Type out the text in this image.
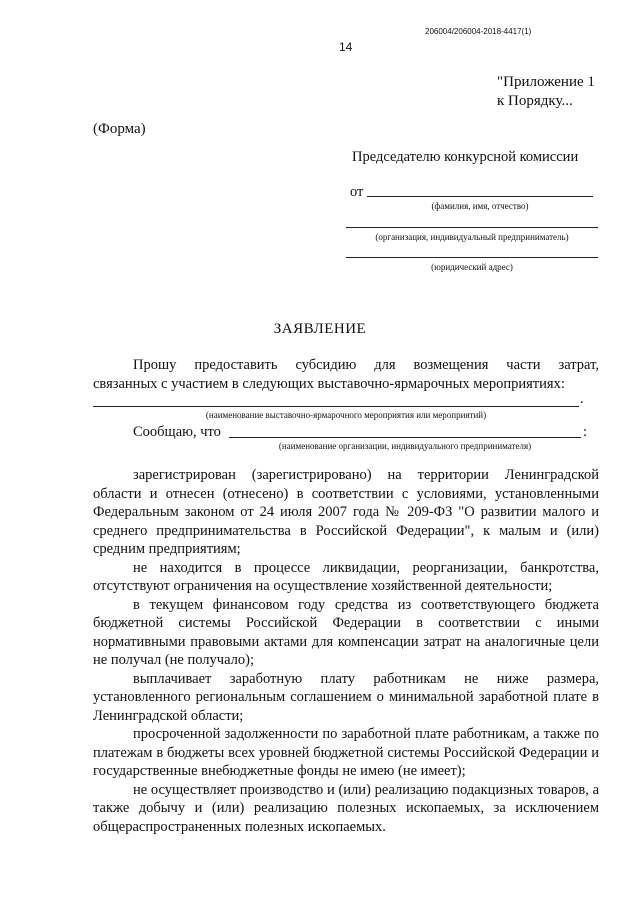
206004/206004-2018-4417(1)
14
"Приложение 1
к Порядку...
(Форма)
Председателю конкурсной комиссии
от
(фамилия, имя, отчество)
(организация, индивидуальный предприниматель)
(юридический адрес)
ЗАЯВЛЕНИЕ
Прошу предоставить субсидию для возмещения части затрат,
связанных с участием в следующих выставочно-ярмарочных мероприятиях:
.
(наименование выставочно-ярмарочного мероприятия или мероприятий)
Сообщаю, что	:
(наименование организации, индивидуального предпринимателя)

зарегистрирован (зарегистрировано) на территории Ленинградской области и отнесен (отнесено) в соответствии с условиями, установленными Федеральным законом от 24 июля 2007 года № 209-ФЗ "О развитии малого и среднего предпринимательства в Российской Федерации", к малым и (или) средним предприятиям;

не находится в процессе ликвидации, реорганизации, банкротства, отсутствуют ограничения на осуществление хозяйственной деятельности;

в текущем финансовом году средства из соответствующего бюджета бюджетной системы Российской Федерации в соответствии с иными нормативными правовыми актами для компенсации затрат на аналогичные цели не получал (не получало);

выплачивает заработную плату работникам не ниже размера, установленного региональным соглашением о минимальной заработной плате в Ленинградской области;

просроченной задолженности по заработной плате работникам, а также по платежам в бюджеты всех уровней бюджетной системы Российской Федерации и государственные внебюджетные фонды не имею (не имеет);

не осуществляет производство и (или) реализацию подакцизных товаров, а также добычу и (или) реализацию полезных ископаемых, за исключением общераспространенных полезных ископаемых.
